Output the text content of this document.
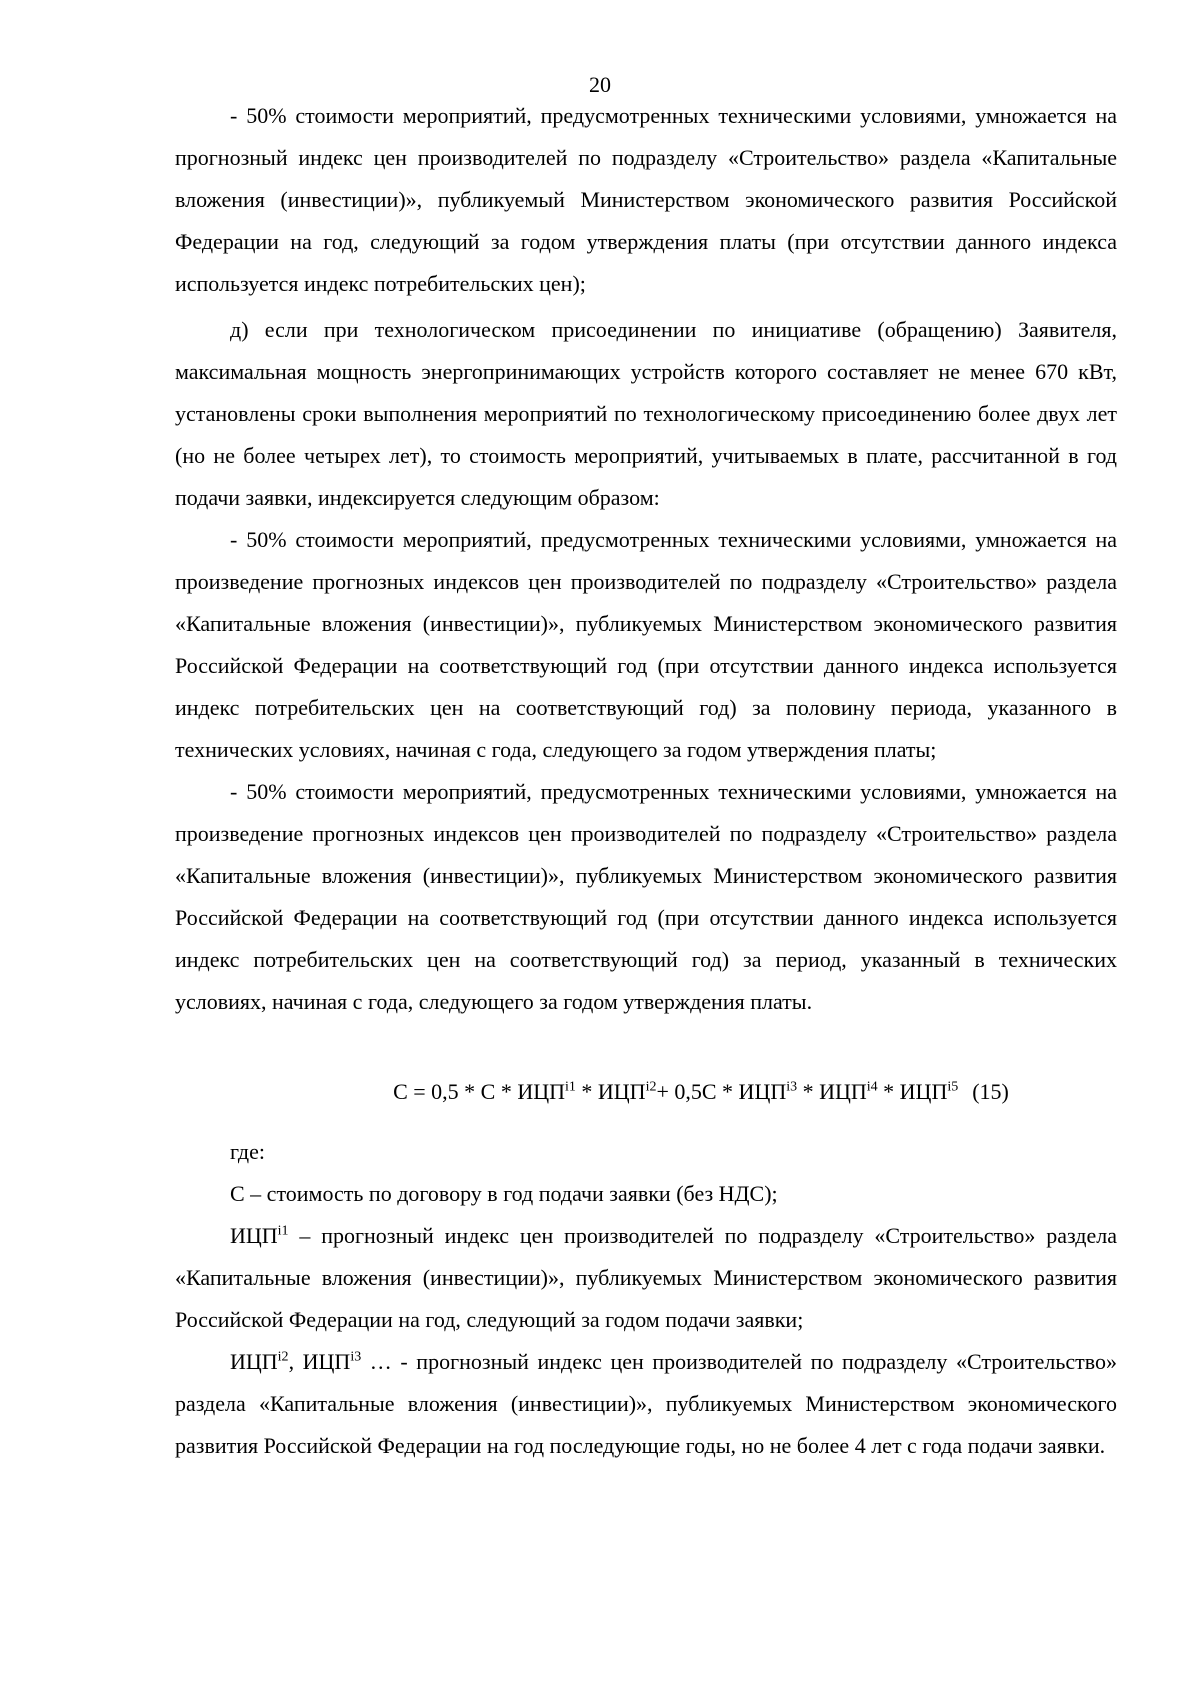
20

- 50% стоимости мероприятий, предусмотренных техническими условиями, умножается на прогнозный индекс цен производителей по подразделу «Строительство» раздела «Капитальные вложения (инвестиции)», публикуемый Министерством экономического развития Российской Федерации на год, следующий за годом утверждения платы (при отсутствии данного индекса используется индекс потребительских цен);

д) если при технологическом присоединении по инициативе (обращению) Заявителя, максимальная мощность энергопринимающих устройств которого составляет не менее 670 кВт, установлены сроки выполнения мероприятий по технологическому присоединению более двух лет (но не более четырех лет), то стоимость мероприятий, учитываемых в плате, рассчитанной в год подачи заявки, индексируется следующим образом:

- 50% стоимости мероприятий, предусмотренных техническими условиями, умножается на произведение прогнозных индексов цен производителей по подразделу «Строительство» раздела «Капитальные вложения (инвестиции)», публикуемых Министерством экономического развития Российской Федерации на соответствующий год (при отсутствии данного индекса используется индекс потребительских цен на соответствующий год) за половину периода, указанного в технических условиях, начиная с года, следующего за годом утверждения платы;

- 50% стоимости мероприятий, предусмотренных техническими условиями, умножается на произведение прогнозных индексов цен производителей по подразделу «Строительство» раздела «Капитальные вложения (инвестиции)», публикуемых Министерством экономического развития Российской Федерации на соответствующий год (при отсутствии данного индекса используется индекс потребительских цен на соответствующий год) за период, указанный в технических условиях, начиная с года, следующего за годом утверждения платы.

$С = 0,5 * С * ИЦП^{i1} * ИЦП^{i2}+ 0,5С * ИЦП^{i3} * ИЦП^{i4} * ИЦП^{i5}$ (15)

где:

С – стоимость по договору в год подачи заявки (без НДС);

$ИЦП^{i1}$ – прогнозный индекс цен производителей по подразделу «Строительство» раздела «Капитальные вложения (инвестиции)», публикуемых Министерством экономического развития Российской Федерации на год, следующий за годом подачи заявки;

$ИЦП^{i2}$, $ИЦП^{i3}$ … - прогнозный индекс цен производителей по подразделу «Строительство» раздела «Капитальные вложения (инвестиции)», публикуемых Министерством экономического развития Российской Федерации на год последующие годы, но не более 4 лет с года подачи заявки.
